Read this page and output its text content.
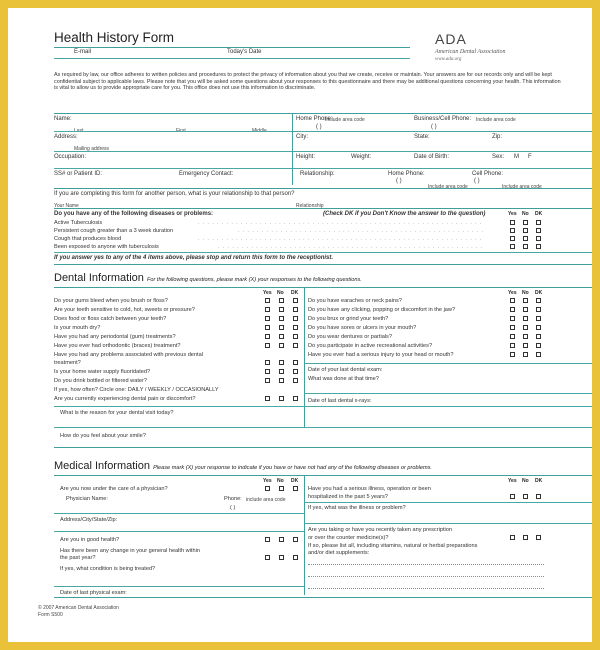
Health History Form
E-mail	Today's Date
ADA
American Dental Association
www.ada.org
As required by law, our office adheres to written policies and procedures to protect the privacy of information about you that we create, receive or maintain. Your answers are for our records only and will be kept confidential subject to applicable laws. Please note that you will be asked some questions about your responses to this questionnaire and there may be additional questions concerning your health. This information is vital to allow us to provide appropriate care for you. This office does not use this information to discriminate.
Name:	Home Phone:
Include area code	Business/Cell Phone: Include area code
( )	( )
Last	First	Middle
Address:	City:	State:	Zip:
Mailing address
Occupation:	Height:	Weight:	Date of Birth:	Sex: M F
SS# or Patient ID:	Emergency Contact:	Relationship:	Home Phone:	Cell Phone:
( )	( )
Include area code	Include area code
If you are completing this form for another person, what is your relationship to that person?
Your Name	Relationship
Do you have any of the following diseases or problems:	(Check DK if you Don't Know the answer to the question)	Yes No DK
Active Tuberculosis
Persistent cough greater than a 3 week duration
Cough that produces blood
Been exposed to anyone with tuberculosis
. . . . . . . . . . . . . . . . . . . . . . . . . . . . . . . . . . . . . . . . . . . . . . . . . . . . . . . . . . . .
. . . . . . . . . . . . . . . . . . . . . . . . . . . . . . . . . . . . . . . . . . . . . . . . . . . .
. . . . . . . . . . . . . . . . . . . . . . . . . . . . . . . . . . . . . . . . . . . . . . . . . . . . . . . . . . . .
. . . . . . . . . . . . . . . . . . . . . . . . . . . . . . . . . . . . . . . . . . . . . . . . . . . . . . . .
If you answer yes to any of the 4 items above, please stop and return this form to the receptionist.
Dental Information For the following questions, please mark (X) your responses to the following questions.
Yes No DK	Yes No DK
Do your gums bleed when you brush or floss?
Are your teeth sensitive to cold, hot, sweets or pressure?
Does food or floss catch between your teeth?
Is your mouth dry?
Have you had any periodontal (gum) treatments?
Have you ever had orthodontic (braces) treatment?
Have you had any problems associated with previous dental
treatment?
Is your home water supply fluoridated?
Do you drink bottled or filtered water?
If yes, how often? Circle one: DAILY / WEEKLY / OCCASIONALLY
Are you currently experiencing dental pain or discomfort?
Do you have earaches or neck pains?
Do you have any clicking, popping or discomfort in the jaw?
Do you brux or grind your teeth?
Do you have sores or ulcers in your mouth?
Do you wear dentures or partials?
Do you participate in active recreational activities?
Have you ever had a serious injury to your head or mouth?
Date of your last dental exam:
What was done at that time?
Date of last dental x-rays:
What is the reason for your dental visit today?
How do you feel about your smile?
Medical Information Please mark (X) your response to indicate if you have or have not had any of the following diseases or problems.
Yes No DK	Yes No DK
Are you now under the care of a physician?
Physician Name:	Phone: include area code
( )
Address/City/State/Zip:
Are you in good health?
Has there been any change in your general health within
the past year?
If yes, what condition is being treated?
Date of last physical exam:
Have you had a serious illness, operation or been
hospitalized in the past 5 years?
If yes, what was the illness or problem?
Are you taking or have you recently taken any prescription
or over the counter medicine(s)?
If so, please list all, including vitamins, natural or herbal preparations
and/or diet supplements:
© 2007 American Dental Association
Form S500
